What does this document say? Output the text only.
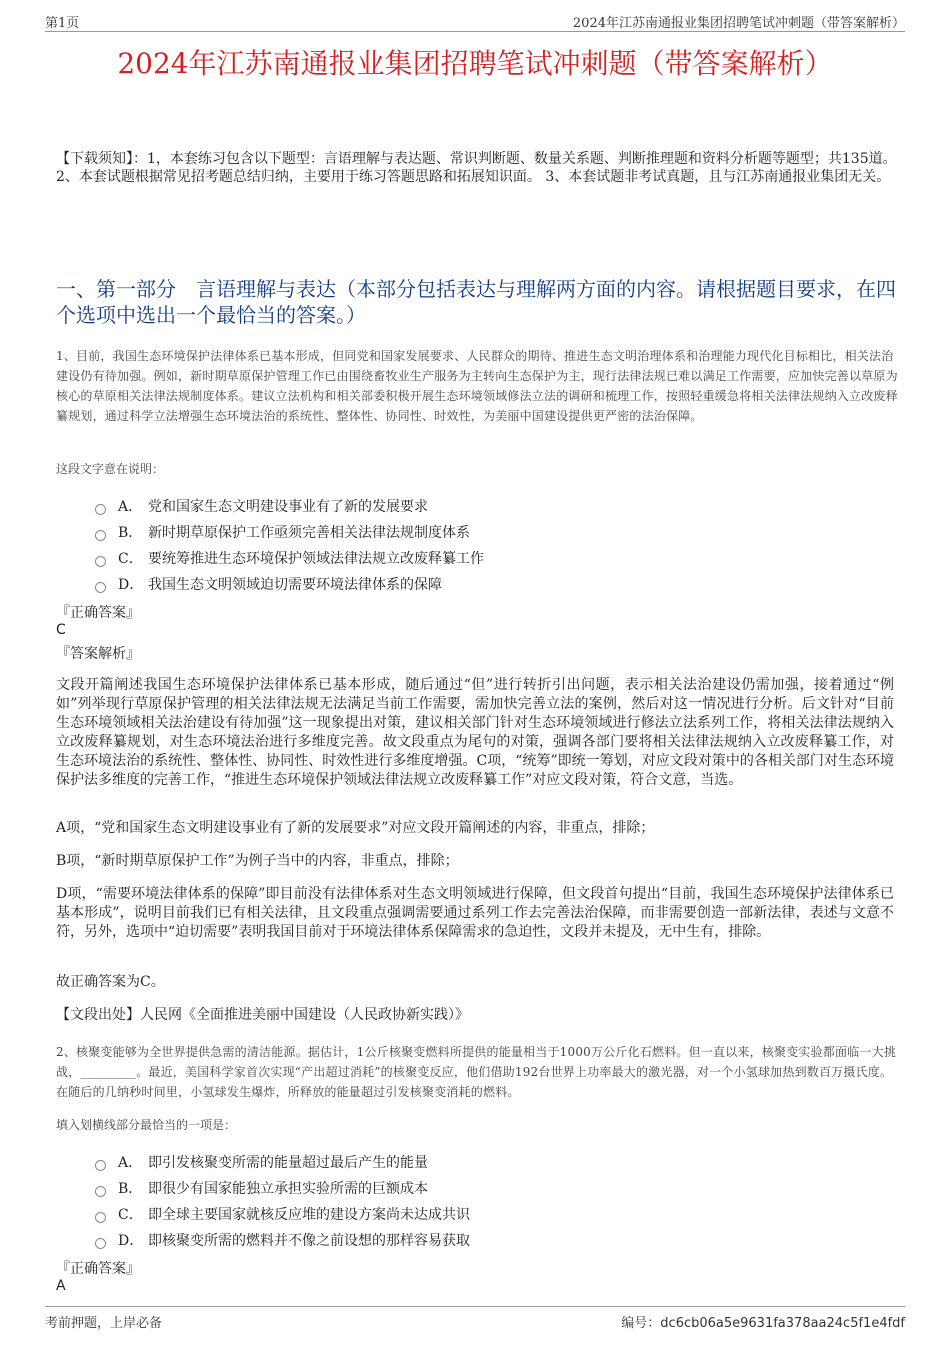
第1页	2024年江苏南通报业集团招聘笔试冲刺题（带答案解析）
2024年江苏南通报业集团招聘笔试冲刺题（带答案解析）
【下载须知】：1，本套练习包含以下题型：言语理解与表达题、常识判断题、数量关系题、判断推理题和资料分析题等题型；共135道。 2、本套试题根据常见招考题总结归纳，主要用于练习答题思路和拓展知识面。 3、本套试题非考试真题，且与江苏南通报业集团无关。
一、第一部分　言语理解与表达（本部分包括表达与理解两方面的内容。请根据题目要求，在四个选项中选出一个最恰当的答案。）
1、目前，我国生态环境保护法律体系已基本形成，但同党和国家发展要求、人民群众的期待、推进生态文明治理体系和治理能力现代化目标相比，相关法治建设仍有待加强。例如，新时期草原保护管理工作已由围绕畜牧业生产服务为主转向生态保护为主，现行法律法规已难以满足工作需要，应加快完善以草原为核心的草原相关法律法规制度体系。建议立法机构和相关部委积极开展生态环境领域修法立法的调研和梳理工作，按照轻重缓急将相关法律法规纳入立改废释纂规划，通过科学立法增强生态环境法治的系统性、整体性、协同性、时效性，为美丽中国建设提供更严密的法治保障。
这段文字意在说明：
A． 党和国家生态文明建设事业有了新的发展要求
B． 新时期草原保护工作亟须完善相关法律法规制度体系
C． 要统筹推进生态环境保护领域法律法规立改废释纂工作
D． 我国生态文明领域迫切需要环境法律体系的保障
『正确答案』
C
『答案解析』
文段开篇阐述我国生态环境保护法律体系已基本形成，随后通过“但”进行转折引出问题，表示相关法治建设仍需加强，接着通过“例如”列举现行草原保护管理的相关法律法规无法满足当前工作需要，需加快完善立法的案例，然后对这一情况进行分析。后文针对“目前生态环境领域相关法治建设有待加强”这一现象提出对策，建议相关部门针对生态环境领域进行修法立法系列工作，将相关法律法规纳入立改废释纂规划，对生态环境法治进行多维度完善。故文段重点为尾句的对策，强调各部门要将相关法律法规纳入立改废释纂工作，对生态环境法治的系统性、整体性、协同性、时效性进行多维度增强。C项，“统筹”即统一筹划，对应文段对策中的各相关部门对生态环境保护法多维度的完善工作，“推进生态环境保护领域法律法规立改废释纂工作”对应文段对策，符合文意，当选。
A项，“党和国家生态文明建设事业有了新的发展要求”对应文段开篇阐述的内容，非重点，排除；
B项，“新时期草原保护工作”为例子当中的内容，非重点，排除；
D项，“需要环境法律体系的保障”即目前没有法律体系对生态文明领域进行保障，但文段首句提出“目前，我国生态环境保护法律体系已基本形成”，说明目前我们已有相关法律，且文段重点强调需要通过系列工作去完善法治保障，而非需要创造一部新法律，表述与文意不符，另外，选项中“迫切需要”表明我国目前对于环境法律体系保障需求的急迫性，文段并未提及，无中生有，排除。
故正确答案为C。
【文段出处】人民网《全面推进美丽中国建设（人民政协新实践）》
2、核聚变能够为全世界提供急需的清洁能源。据估计，1公斤核聚变燃料所提供的能量相当于1000万公斤化石燃料。但一直以来，核聚变实验都面临一大挑战，_________。最近，美国科学家首次实现“产出超过消耗”的核聚变反应，他们借助192台世界上功率最大的激光器，对一个小氢球加热到数百万摄氏度。在随后的几纳秒时间里，小氢球发生爆炸，所释放的能量超过引发核聚变消耗的燃料。
填入划横线部分最恰当的一项是：
A． 即引发核聚变所需的能量超过最后产生的能量
B． 即很少有国家能独立承担实验所需的巨额成本
C． 即全球主要国家就核反应堆的建设方案尚未达成共识
D． 即核聚变所需的燃料并不像之前设想的那样容易获取
『正确答案』
A
考前押题，上岸必备	编号：dc6cb06a5e9631fa378aa24c5f1e4fdf
